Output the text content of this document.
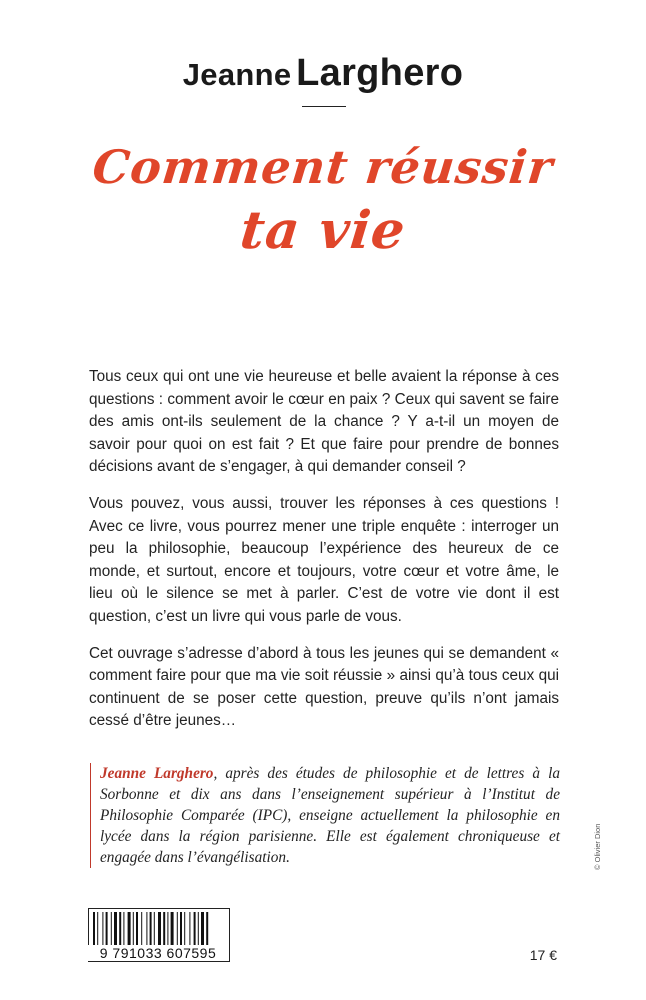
Jeanne Larghero
Comment réussir
ta vie

Tous ceux qui ont une vie heureuse et belle avaient la réponse à ces questions : comment avoir le cœur en paix ? Ceux qui savent se faire des amis ont-ils seulement de la chance ? Y a-t-il un moyen de savoir pour quoi on est fait ? Et que faire pour prendre de bonnes décisions avant de s’engager, à qui demander conseil ?

Vous pouvez, vous aussi, trouver les réponses à ces questions ! Avec ce livre, vous pourrez mener une triple enquête : interroger un peu la philosophie, beaucoup l’expérience des heureux de ce monde, et surtout, encore et toujours, votre cœur et votre âme, le lieu où le silence se met à parler. C’est de votre vie dont il est question, c’est un livre qui vous parle de vous.

Cet ouvrage s’adresse d’abord à tous les jeunes qui se demandent « comment faire pour que ma vie soit réussie » ainsi qu’à tous ceux qui continuent de se poser cette question, preuve qu’ils n’ont jamais cessé d’être jeunes…

Jeanne Larghero, après des études de philosophie et de lettres à la Sorbonne et dix ans dans l’enseignement supérieur à l’Institut de Philosophie Comparée (IPC), enseigne actuellement la philosophie en lycée dans la région parisienne. Elle est également chroniqueuse et engagée dans l’évangélisation.	© Olivier Dion
9 791033 607595	17 €
